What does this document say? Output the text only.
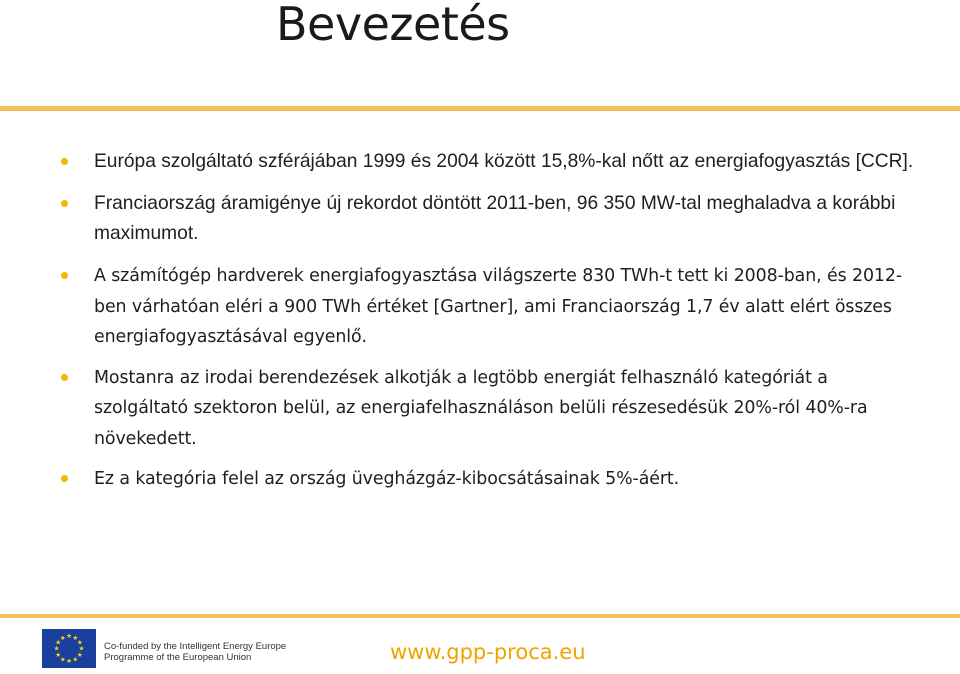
Bevezetés
Európa szolgáltató szférájában 1999 és 2004 között 15,8%-kal nőtt az energiafogyasztás [CCR].
Franciaország áramigénye új rekordot döntött 2011-ben, 96 350 MW-tal meghaladva a korábbi maximumot.
A számítógép hardverek energiafogyasztása világszerte 830 TWh-t tett ki 2008-ban, és 2012-ben várhatóan eléri a 900 TWh értéket [Gartner], ami Franciaország 1,7 év alatt elért összes energiafogyasztásával egyenlő.
Mostanra az irodai berendezések alkotják a legtöbb energiát felhasználó kategóriát a szolgáltató szektoron belül, az energiafelhasználáson belüli részesedésük 20%-ról 40%-ra növekedett.
Ez a kategória felel az ország üvegházgáz-kibocsátásainak 5%-áért.
★ ★
★
★
★
★
★
★
★
★
★
★
Co-funded by the Intelligent Energy Europe
Programme of the European Union	www.gpp-proca.eu
